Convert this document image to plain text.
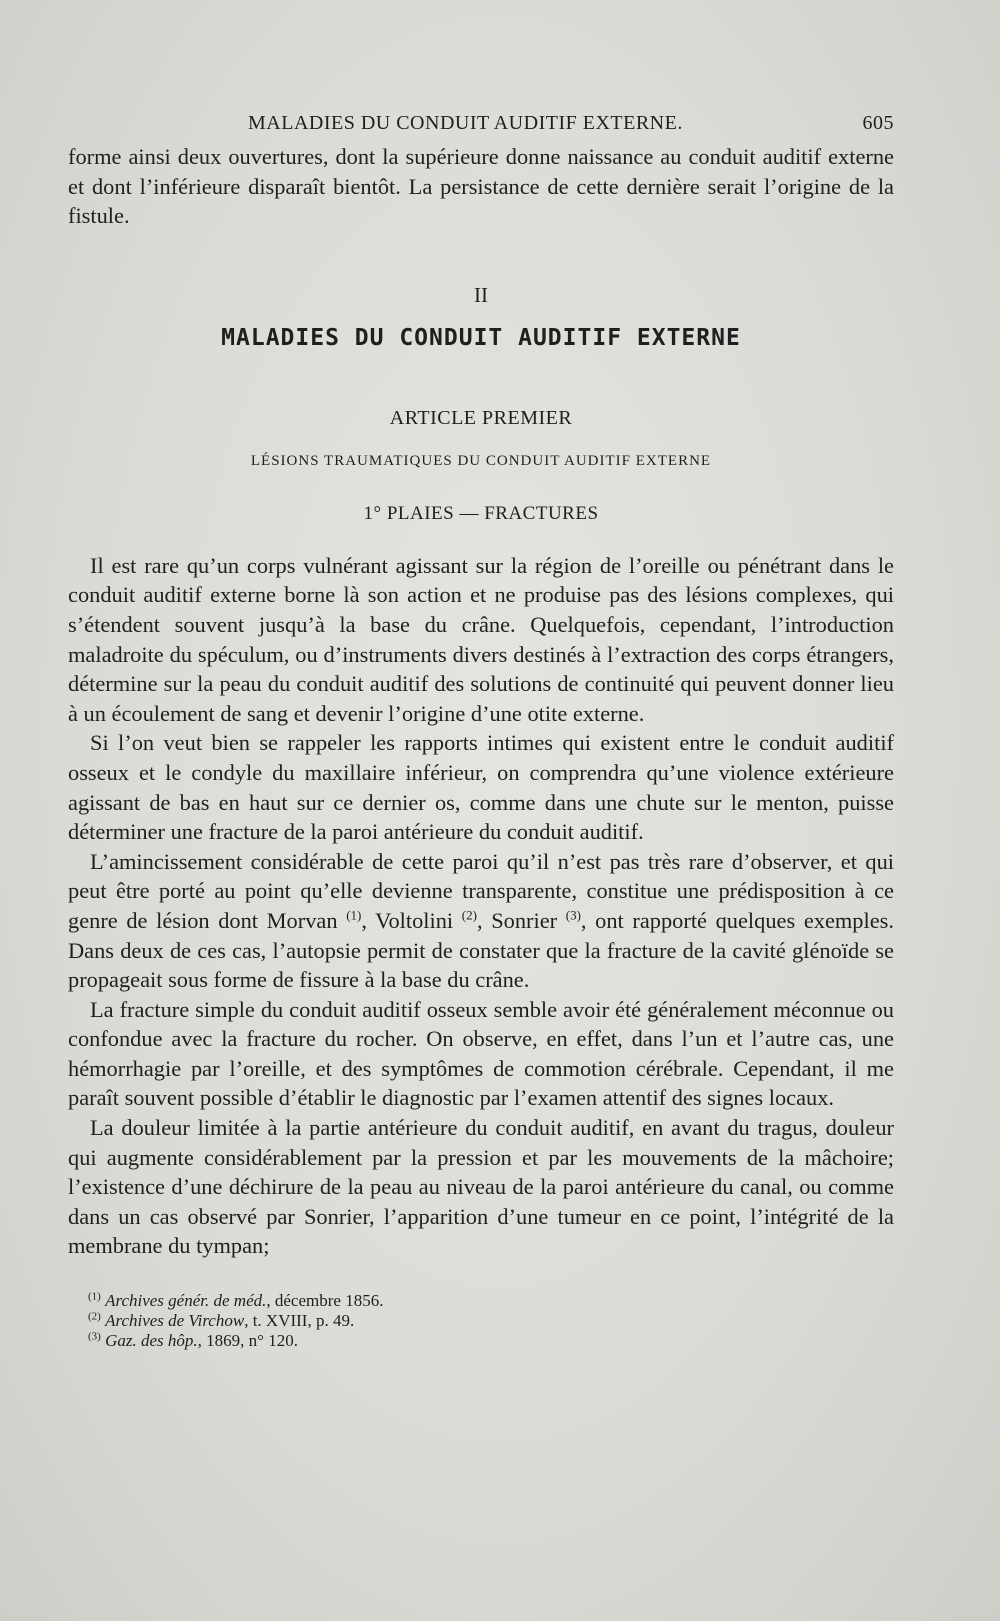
MALADIES DU CONDUIT AUDITIF EXTERNE.	605

forme ainsi deux ouvertures, dont la supérieure donne naissance au conduit auditif externe et dont l’inférieure disparaît bientôt. La persistance de cette dernière serait l’origine de la fistule.

II
MALADIES DU CONDUIT AUDITIF EXTERNE
ARTICLE PREMIER
LÉSIONS TRAUMATIQUES DU CONDUIT AUDITIF EXTERNE
1° PLAIES — FRACTURES

Il est rare qu’un corps vulnérant agissant sur la région de l’oreille ou pénétrant dans le conduit auditif externe borne là son action et ne produise pas des lésions complexes, qui s’étendent souvent jusqu’à la base du crâne. Quelquefois, cependant, l’introduction maladroite du spéculum, ou d’instruments divers destinés à l’extraction des corps étrangers, détermine sur la peau du conduit auditif des solutions de continuité qui peuvent donner lieu à un écoulement de sang et devenir l’origine d’une otite externe.

Si l’on veut bien se rappeler les rapports intimes qui existent entre le conduit auditif osseux et le condyle du maxillaire inférieur, on comprendra qu’une violence extérieure agissant de bas en haut sur ce dernier os, comme dans une chute sur le menton, puisse déterminer une fracture de la paroi antérieure du conduit auditif.

L’amincissement considérable de cette paroi qu’il n’est pas très rare d’observer, et qui peut être porté au point qu’elle devienne transparente, constitue une prédisposition à ce genre de lésion dont Morvan $^{(1)}$, Voltolini $^{(2)}$, Sonrier $^{(3)}$, ont rapporté quelques exemples. Dans deux de ces cas, l’autopsie permit de constater que la fracture de la cavité glénoïde se propageait sous forme de fissure à la base du crâne.

La fracture simple du conduit auditif osseux semble avoir été généralement méconnue ou confondue avec la fracture du rocher. On observe, en effet, dans l’un et l’autre cas, une hémorrhagie par l’oreille, et des symptômes de commotion cérébrale. Cependant, il me paraît souvent possible d’établir le diagnostic par l’examen attentif des signes locaux.

La douleur limitée à la partie antérieure du conduit auditif, en avant du tragus, douleur qui augmente considérablement par la pression et par les mouvements de la mâchoire; l’existence d’une déchirure de la peau au niveau de la paroi antérieure du canal, ou comme dans un cas observé par Sonrier, l’apparition d’une tumeur en ce point, l’intégrité de la membrane du tympan;

$^{(1)}$ Archives génér. de méd., décembre 1856.
$^{(2)}$ Archives de Virchow, t. XVIII, p. 49.
$^{(3)}$ Gaz. des hôp., 1869, n° 120.
